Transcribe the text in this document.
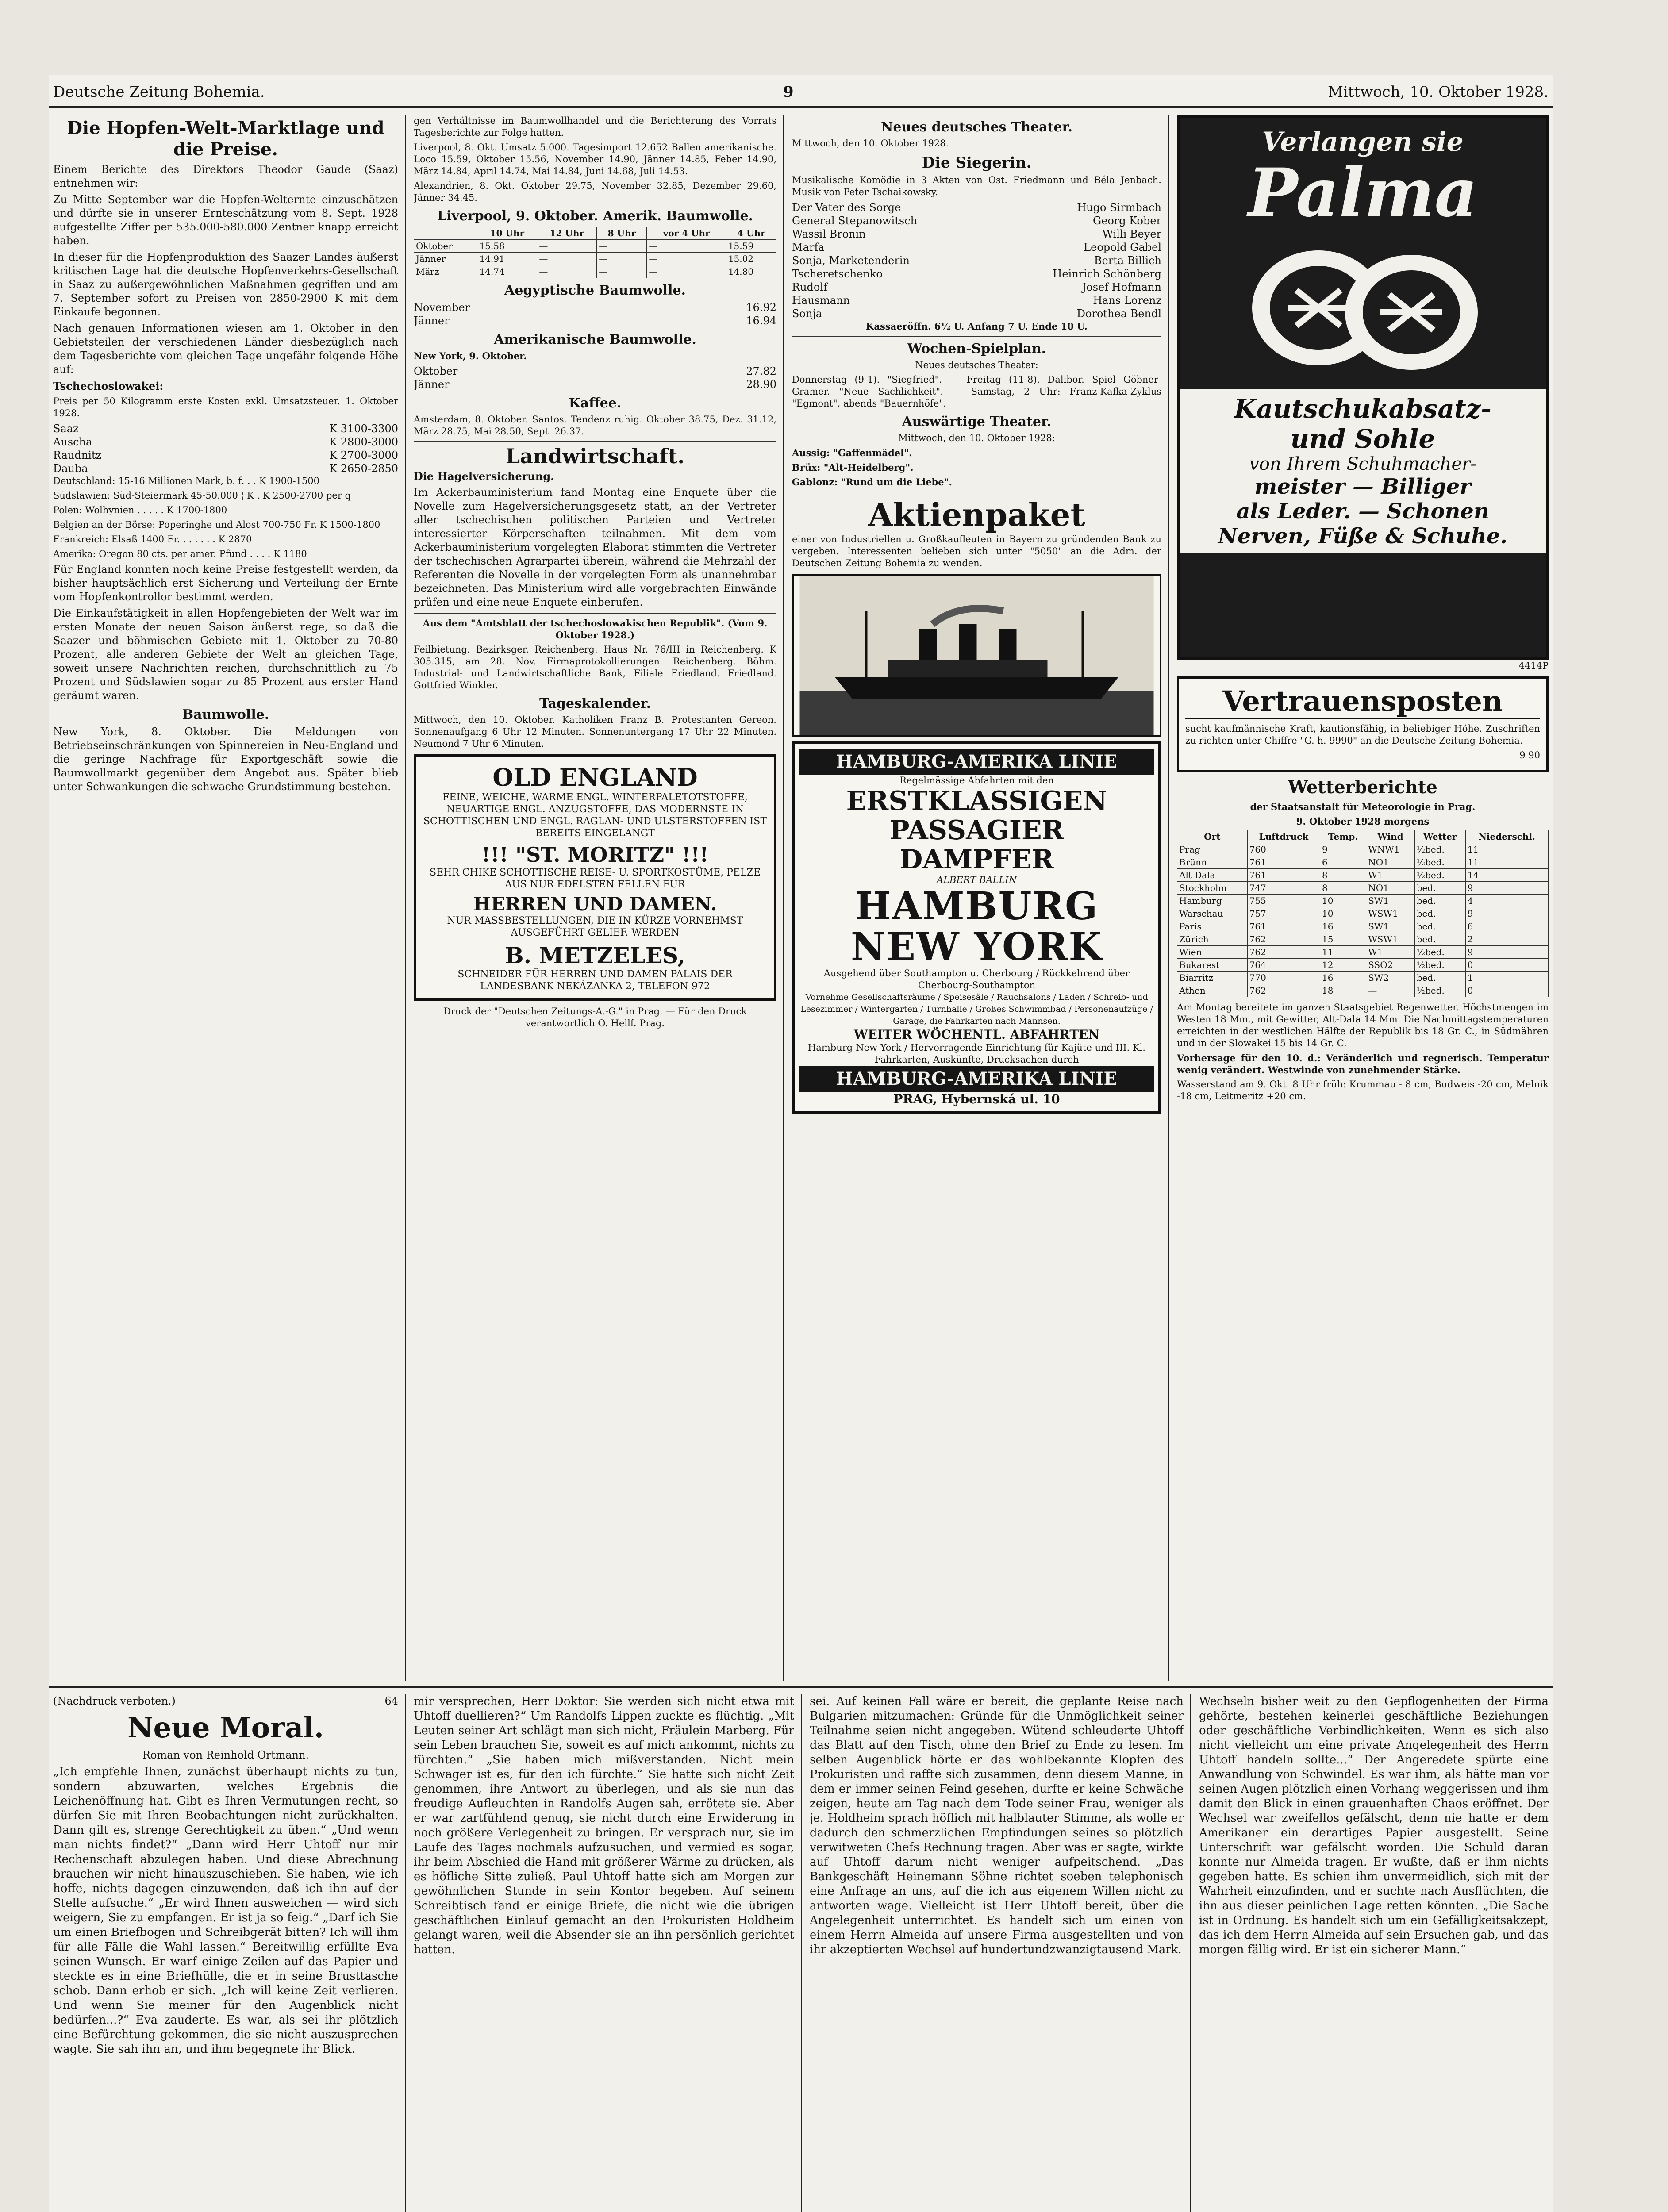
Deutsche Zeitung Bohemia.	9	Mittwoch, 10. Oktober 1928.
Die Hopfen-Welt-Marktlage und die Preise.
Einem Berichte des Direktors Theodor Gaude (Saaz) entnehmen wir:
Zu Mitte September war die Hopfen-Welternte einzuschätzen und dürfte sie in unserer Ernteschätzung vom 8. Sept. 1928 aufgestellte Ziffer per 535.000-580.000 Zentner knapp erreicht haben.
In dieser für die Hopfenproduktion des Saazer Landes äußerst kritischen Lage hat die deutsche Hopfenverkehrs-Gesellschaft in Saaz zu außergewöhnlichen Maßnahmen gegriffen und am 7. September sofort zu Preisen von 2850-2900 K mit dem Einkaufe begonnen.
Nach genauen Informationen wiesen am 1. Oktober in den Gebietsteilen der verschiedenen Länder diesbezüglich nach dem Tagesberichte vom gleichen Tage ungefähr folgende Höhe auf:
Tschechoslowakei:
Preis per 50 Kilogramm erste Kosten exkl. Umsatzsteuer. 1. Oktober 1928.
Saaz	K 3100-3300
Auscha	K 2800-3000
Raudnitz	K 2700-3000
Dauba	K 2650-2850
Deutschland: 15-16 Millionen Mark, b. f. . . K 1900-1500
Südslawien: Süd-Steiermark 45-50.000 ¦ K . K 2500-2700 per q
Polen: Wolhynien . . . . . K 1700-1800
Belgien an der Börse: Poperinghe und Alost 700-750 Fr. K 1500-1800
Frankreich: Elsaß 1400 Fr. . . . . . . K 2870
Amerika: Oregon 80 cts. per amer. Pfund . . . . K 1180
Für England konnten noch keine Preise festgestellt werden, da bisher hauptsächlich erst Sicherung und Verteilung der Ernte vom Hopfenkontrollor bestimmt werden.
Die Einkaufstätigkeit in allen Hopfengebieten der Welt war im ersten Monate der neuen Saison äußerst rege, so daß die Saazer und böhmischen Gebiete mit 1. Oktober zu 70-80 Prozent, alle anderen Gebiete der Welt an gleichen Tage, soweit unsere Nachrichten reichen, durchschnittlich zu 75 Prozent und Südslawien sogar zu 85 Prozent aus erster Hand geräumt waren.
Baumwolle.
New York, 8. Oktober. Die Meldungen von Betriebseinschränkungen von Spinnereien in Neu-England und die geringe Nachfrage für Exportgeschäft sowie die Baumwollmarkt gegenüber dem Angebot aus. Später blieb unter Schwankungen die schwache Grundstimmung bestehen.
gen Verhältnisse im Baumwollhandel und die Berichterung des Vorrats Tagesberichte zur Folge hatten.
Liverpool, 8. Okt. Umsatz 5.000. Tagesimport 12.652 Ballen amerikanische. Loco 15.59, Oktober 15.56, November 14.90, Jänner 14.85, Feber 14.90, März 14.84, April 14.74, Mai 14.84, Juni 14.68, Juli 14.53.
Alexandrien, 8. Okt. Oktober 29.75, November 32.85, Dezember 29.60, Jänner 34.45.
Liverpool, 9. Oktober. Amerik. Baumwolle.
	10 Uhr	12 Uhr	8 Uhr	vor 4 Uhr	4 Uhr
Oktober	15.58	—	—	—	15.59
Jänner	14.91	—	—	—	15.02
März	14.74	—	—	—	14.80
Aegyptische Baumwolle.
November	16.92
Jänner	16.94
Amerikanische Baumwolle.
New York, 9. Oktober.
Oktober	27.82
Jänner	28.90
Kaffee.
Amsterdam, 8. Oktober. Santos. Tendenz ruhig. Oktober 38.75, Dez. 31.12, März 28.75, Mai 28.50, Sept. 26.37.
Landwirtschaft.
Die Hagelversicherung.
Im Ackerbauministerium fand Montag eine Enquete über die Novelle zum Hagelversicherungsgesetz statt, an der Vertreter aller tschechischen politischen Parteien und Vertreter interessierter Körperschaften teilnahmen. Mit dem vom Ackerbauministerium vorgelegten Elaborat stimmten die Vertreter der tschechischen Agrarpartei überein, während die Mehrzahl der Referenten die Novelle in der vorgelegten Form als unannehmbar bezeichneten. Das Ministerium wird alle vorgebrachten Einwände prüfen und eine neue Enquete einberufen.
Aus dem "Amtsblatt der tschechoslowakischen Republik". (Vom 9. Oktober 1928.)
Feilbietung. Bezirksger. Reichenberg. Haus Nr. 76/III in Reichenberg. K 305.315, am 28. Nov. Firmaprotokollierungen. Reichenberg. Böhm. Industrial- und Landwirtschaftliche Bank, Filiale Friedland. Friedland. Gottfried Winkler.
Tageskalender.
Mittwoch, den 10. Oktober. Katholiken Franz B. Protestanten Gereon. Sonnenaufgang 6 Uhr 12 Minuten. Sonnenuntergang 17 Uhr 22 Minuten. Neumond 7 Uhr 6 Minuten.
OLD ENGLAND
FEINE, WEICHE, WARME ENGL. WINTERPALETOTSTOFFE, NEUARTIGE ENGL. ANZUGSTOFFE, DAS MODERNSTE IN SCHOTTISCHEN UND ENGL. RAGLAN- UND ULSTERSTOFFEN IST BEREITS EINGELANGT
!!! "ST. MORITZ" !!!
SEHR CHIKE SCHOTTISCHE REISE- U. SPORTKOSTÜME, PELZE AUS NUR EDELSTEN FELLEN FÜR
HERREN UND DAMEN.
NUR MASSBESTELLUNGEN, DIE IN KÜRZE VORNEHMST AUSGEFÜHRT GELIEF. WERDEN
B. METZELES,
SCHNEIDER FÜR HERREN UND DAMEN PALAIS DER LANDESBANK NEKÁZANKA 2, TELEFON 972
Druck der "Deutschen Zeitungs-A.-G." in Prag. — Für den Druck verantwortlich O. Hellf. Prag.
Neues deutsches Theater.
Mittwoch, den 10. Oktober 1928.
Die Siegerin.
Musikalische Komödie in 3 Akten von Ost. Friedmann und Béla Jenbach. Musik von Peter Tschaikowsky.
Der Vater des Sorge	Hugo Sirmbach
General Stepanowitsch	Georg Kober
Wassil Bronin	Willi Beyer
Marfa	Leopold Gabel
Sonja, Marketenderin	Berta Billich
Tscheretschenko	Heinrich Schönberg
Rudolf	Josef Hofmann
Hausmann	Hans Lorenz
Sonja	Dorothea Bendl
Kassaeröffn. 6½ U. Anfang 7 U. Ende 10 U.
Wochen-Spielplan.
Neues deutsches Theater:
Donnerstag (9-1). "Siegfried". — Freitag (11-8). Dalibor. Spiel Göbner-Gramer. "Neue Sachlichkeit". — Samstag, 2 Uhr: Franz-Kafka-Zyklus "Egmont", abends "Bauernhöfe".
Auswärtige Theater.
Mittwoch, den 10. Oktober 1928:
Aussig: "Gaffenmädel".
Brüx: "Alt-Heidelberg".
Gablonz: "Rund um die Liebe".
Aktienpaket
einer von Industriellen u. Großkaufleuten in Bayern zu gründenden Bank zu vergeben. Interessenten belieben sich unter "5050" an die Adm. der Deutschen Zeitung Bohemia zu wenden.
HAMBURG-AMERIKA LINIE
Regelmässige Abfahrten mit den
ERSTKLASSIGEN
PASSAGIER
DAMPFER
ALBERT BALLIN
HAMBURG
NEW YORK
Ausgehend über Southampton u. Cherbourg / Rückkehrend über Cherbourg-Southampton
Vornehme Gesellschaftsräume / Speisesäle / Rauchsalons / Laden / Schreib- und Lesezimmer / Wintergarten / Turnhalle / Großes Schwimmbad / Personenaufzüge / Garage, die Fahrkarten nach Mannsen.
WEITER WÖCHENTL. ABFAHRTEN
Hamburg-New York / Hervorragende Einrichtung für Kajüte und III. Kl.
Fahrkarten, Auskünfte, Drucksachen durch
HAMBURG-AMERIKA LINIE
PRAG, Hybernská ul. 10
Verlangen sie
Palma
Kautschukabsatz-
und Sohle
von Ihrem Schuhmacher-
meister — Billiger
als Leder. — Schonen
Nerven, Füße & Schuhe.
4414P
Vertrauensposten
sucht kaufmännische Kraft, kautionsfähig, in beliebiger Höhe. Zuschriften zu richten unter Chiffre "G. h. 9990" an die Deutsche Zeitung Bohemia.
9 90
Wetterberichte
der Staatsanstalt für Meteorologie in Prag.
9. Oktober 1928 morgens
Ort	Luftdruck	Temp.	Wind	Wetter	Niederschl.
Prag	760	9	WNW1	½bed.	11
Brünn	761	6	NO1	½bed.	11
Alt Dala	761	8	W1	½bed.	14
Stockholm	747	8	NO1	bed.	9
Hamburg	755	10	SW1	bed.	4
Warschau	757	10	WSW1	bed.	9
Paris	761	16	SW1	bed.	6
Zürich	762	15	WSW1	bed.	2
Wien	762	11	W1	½bed.	9
Bukarest	764	12	SSO2	½bed.	0
Biarritz	770	16	SW2	bed.	1
Athen	762	18	—	½bed.	0
Am Montag bereitete im ganzen Staatsgebiet Regenwetter. Höchstmengen im Westen 18 Mm., mit Gewitter, Alt-Dala 14 Mm. Die Nachmittagstemperaturen erreichten in der westlichen Hälfte der Republik bis 18 Gr. C., in Südmähren und in der Slowakei 15 bis 14 Gr. C.
Vorhersage für den 10. d.: Veränderlich und regnerisch. Temperatur wenig verändert. Westwinde von zunehmender Stärke.
Wasserstand am 9. Okt. 8 Uhr früh: Krummau - 8 cm, Budweis -20 cm, Melnik -18 cm, Leitmeritz +20 cm.
(Nachdruck verboten.)	64
Neue Moral.
Roman von Reinhold Ortmann.
„Ich empfehle Ihnen, zunächst überhaupt nichts zu tun, sondern abzuwarten, welches Ergebnis die Leichenöffnung hat. Gibt es Ihren Vermutungen recht, so dürfen Sie mit Ihren Beobachtungen nicht zurückhalten. Dann gilt es, strenge Gerechtigkeit zu üben.“ „Und wenn man nichts findet?“ „Dann wird Herr Uhtoff nur mir Rechenschaft abzulegen haben. Und diese Abrechnung brauchen wir nicht hinauszuschieben. Sie haben, wie ich hoffe, nichts dagegen einzuwenden, daß ich ihn auf der Stelle aufsuche.“ „Er wird Ihnen ausweichen — wird sich weigern, Sie zu empfangen. Er ist ja so feig.“ „Darf ich Sie um einen Briefbogen und Schreibgerät bitten? Ich will ihm für alle Fälle die Wahl lassen.“ Bereitwillig erfüllte Eva seinen Wunsch. Er warf einige Zeilen auf das Papier und steckte es in eine Briefhülle, die er in seine Brusttasche schob. Dann erhob er sich. „Ich will keine Zeit verlieren. Und wenn Sie meiner für den Augenblick nicht bedürfen...?“ Eva zauderte. Es war, als sei ihr plötzlich eine Befürchtung gekommen, die sie nicht auszusprechen wagte. Sie sah ihn an, und ihm begegnete ihr Blick.
mir versprechen, Herr Doktor: Sie werden sich nicht etwa mit Uhtoff duellieren?“ Um Randolfs Lippen zuckte es flüchtig. „Mit Leuten seiner Art schlägt man sich nicht, Fräulein Marberg. Für sein Leben brauchen Sie, soweit es auf mich ankommt, nichts zu fürchten.“ „Sie haben mich mißverstanden. Nicht mein Schwager ist es, für den ich fürchte.“ Sie hatte sich nicht Zeit genommen, ihre Antwort zu überlegen, und als sie nun das freudige Aufleuchten in Randolfs Augen sah, errötete sie. Aber er war zartfühlend genug, sie nicht durch eine Erwiderung in noch größere Verlegenheit zu bringen. Er versprach nur, sie im Laufe des Tages nochmals aufzusuchen, und vermied es sogar, ihr beim Abschied die Hand mit größerer Wärme zu drücken, als es höfliche Sitte zuließ. Paul Uhtoff hatte sich am Morgen zur gewöhnlichen Stunde in sein Kontor begeben. Auf seinem Schreibtisch fand er einige Briefe, die nicht wie die übrigen geschäftlichen Einlauf gemacht an den Prokuristen Holdheim gelangt waren, weil die Absender sie an ihn persönlich gerichtet hatten.
sei. Auf keinen Fall wäre er bereit, die geplante Reise nach Bulgarien mitzumachen: Gründe für die Unmöglichkeit seiner Teilnahme seien nicht angegeben. Wütend schleuderte Uhtoff das Blatt auf den Tisch, ohne den Brief zu Ende zu lesen. Im selben Augenblick hörte er das wohlbekannte Klopfen des Prokuristen und raffte sich zusammen, denn diesem Manne, in dem er immer seinen Feind gesehen, durfte er keine Schwäche zeigen, heute am Tag nach dem Tode seiner Frau, weniger als je. Holdheim sprach höflich mit halblauter Stimme, als wolle er dadurch den schmerzlichen Empfindungen seines so plötzlich verwitweten Chefs Rechnung tragen. Aber was er sagte, wirkte auf Uhtoff darum nicht weniger aufpeitschend. „Das Bankgeschäft Heinemann Söhne richtet soeben telephonisch eine Anfrage an uns, auf die ich aus eigenem Willen nicht zu antworten wage. Vielleicht ist Herr Uhtoff bereit, über die Angelegenheit unterrichtet. Es handelt sich um einen von einem Herrn Almeida auf unsere Firma ausgestellten und von ihr akzeptierten Wechsel auf hundertundzwanzigtausend Mark.
Wechseln bisher weit zu den Gepflogenheiten der Firma gehörte, bestehen keinerlei geschäftliche Beziehungen oder geschäftliche Verbindlichkeiten. Wenn es sich also nicht vielleicht um eine private Angelegenheit des Herrn Uhtoff handeln sollte...“ Der Angeredete spürte eine Anwandlung von Schwindel. Es war ihm, als hätte man vor seinen Augen plötzlich einen Vorhang weggerissen und ihm damit den Blick in einen grauenhaften Chaos eröffnet. Der Wechsel war zweifellos gefälscht, denn nie hatte er dem Amerikaner ein derartiges Papier ausgestellt. Seine Unterschrift war gefälscht worden. Die Schuld daran konnte nur Almeida tragen. Er wußte, daß er ihm nichts gegeben hatte. Es schien ihm unvermeidlich, sich mit der Wahrheit einzufinden, und er suchte nach Ausflüchten, die ihn aus dieser peinlichen Lage retten könnten. „Die Sache ist in Ordnung. Es handelt sich um ein Gefälligkeitsakzept, das ich dem Herrn Almeida auf sein Ersuchen gab, und das morgen fällig wird. Er ist ein sicherer Mann.“
